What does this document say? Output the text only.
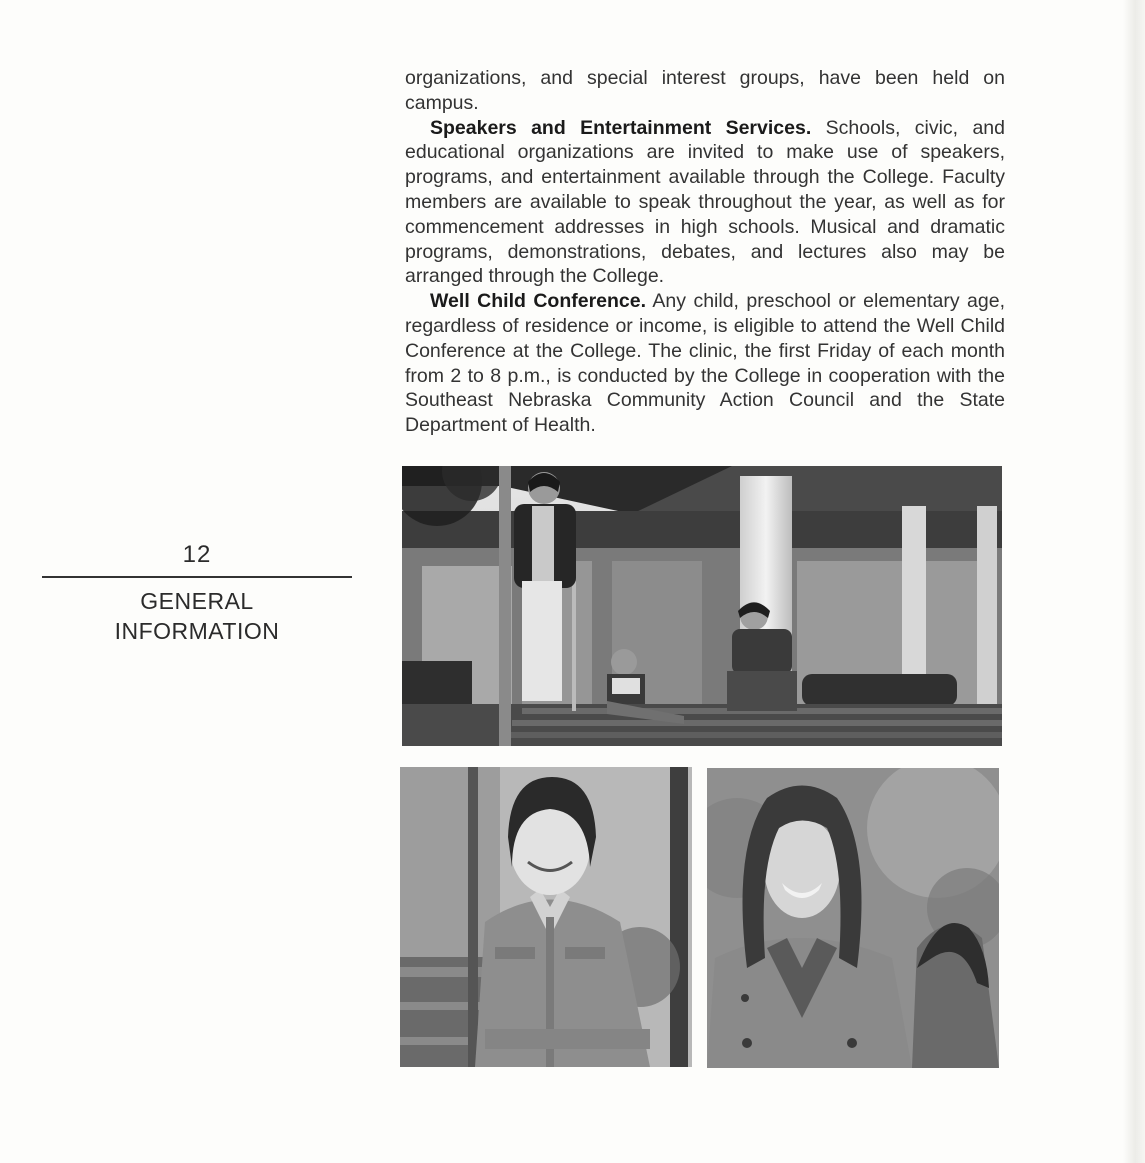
12
GENERAL
INFORMATION

organizations, and special interest groups, have been held on campus.

Speakers and Entertainment Services. Schools, civic, and educational organizations are invited to make use of speakers, programs, and entertainment available through the College. Faculty members are available to speak throughout the year, as well as for commencement addresses in high schools. Musical and dramatic programs, demonstrations, debates, and lectures also may be arranged through the College.

Well Child Conference. Any child, preschool or elementary age, regardless of residence or income, is eligible to attend the Well Child Conference at the College. The clinic, the first Friday of each month from 2 to 8 p.m., is conducted by the College in cooperation with the Southeast Nebraska Community Action Council and the State Department of Health.
